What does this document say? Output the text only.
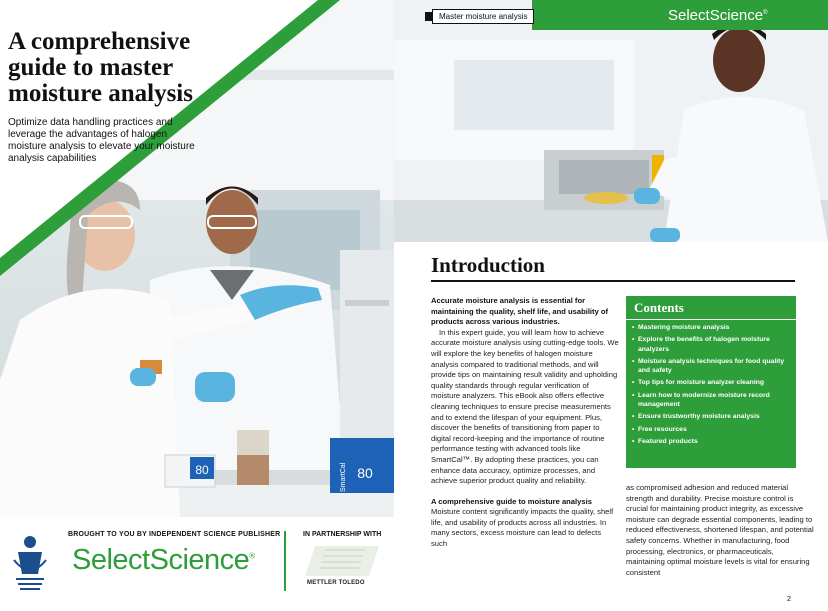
80	80
SmartCal
A comprehensive guide to master moisture analysis

Optimize data handling practices and leverage the advantages of halogen moisture analysis to elevate your moisture analysis capabilities

BROUGHT TO YOU BY INDEPENDENT SCIENCE PUBLISHER
SelectScience®
IN PARTNERSHIP WITH
METTLER TOLEDO
Master moisture analysis	SelectScience®
Introduction

Accurate moisture analysis is essential for maintaining the quality, shelf life, and usability of products across various industries.

In this expert guide, you will learn how to achieve accurate moisture analysis using cutting-edge tools. We will explore the key benefits of halogen moisture analysis compared to traditional methods, and will provide tips on maintaining result validity and upholding quality standards through regular verification of moisture analyzers. This eBook also offers effective cleaning techniques to ensure precise measurements and to extend the lifespan of your equipment. Plus, discover the benefits of transitioning from paper to digital record-keeping and the importance of routine performance testing with advanced tools like SmartCal™. By adopting these practices, you can enhance data accuracy, optimize processes, and achieve superior product quality and reliability.

A comprehensive guide to moisture analysis

Moisture content significantly impacts the quality, shelf life, and usability of products across all industries. In many sectors, excess moisture can lead to defects such

Contents
• Mastering moisture analysis
• Explore the benefits of halogen moisture analyzers
• Moisture analysis techniques for food quality and safety
• Top tips for moisture analyzer cleaning
• Learn how to modernize moisture record management
• Ensure trustworthy moisture analysis
• Free resources
• Featured products

as compromised adhesion and reduced material strength and durability. Precise moisture control is crucial for maintaining product integrity, as excessive moisture can degrade essential components, leading to reduced effectiveness, shortened lifespan, and potential safety concerns. Whether in manufacturing, food processing, electronics, or pharmaceuticals, maintaining optimal moisture levels is vital for ensuring consistent

2
